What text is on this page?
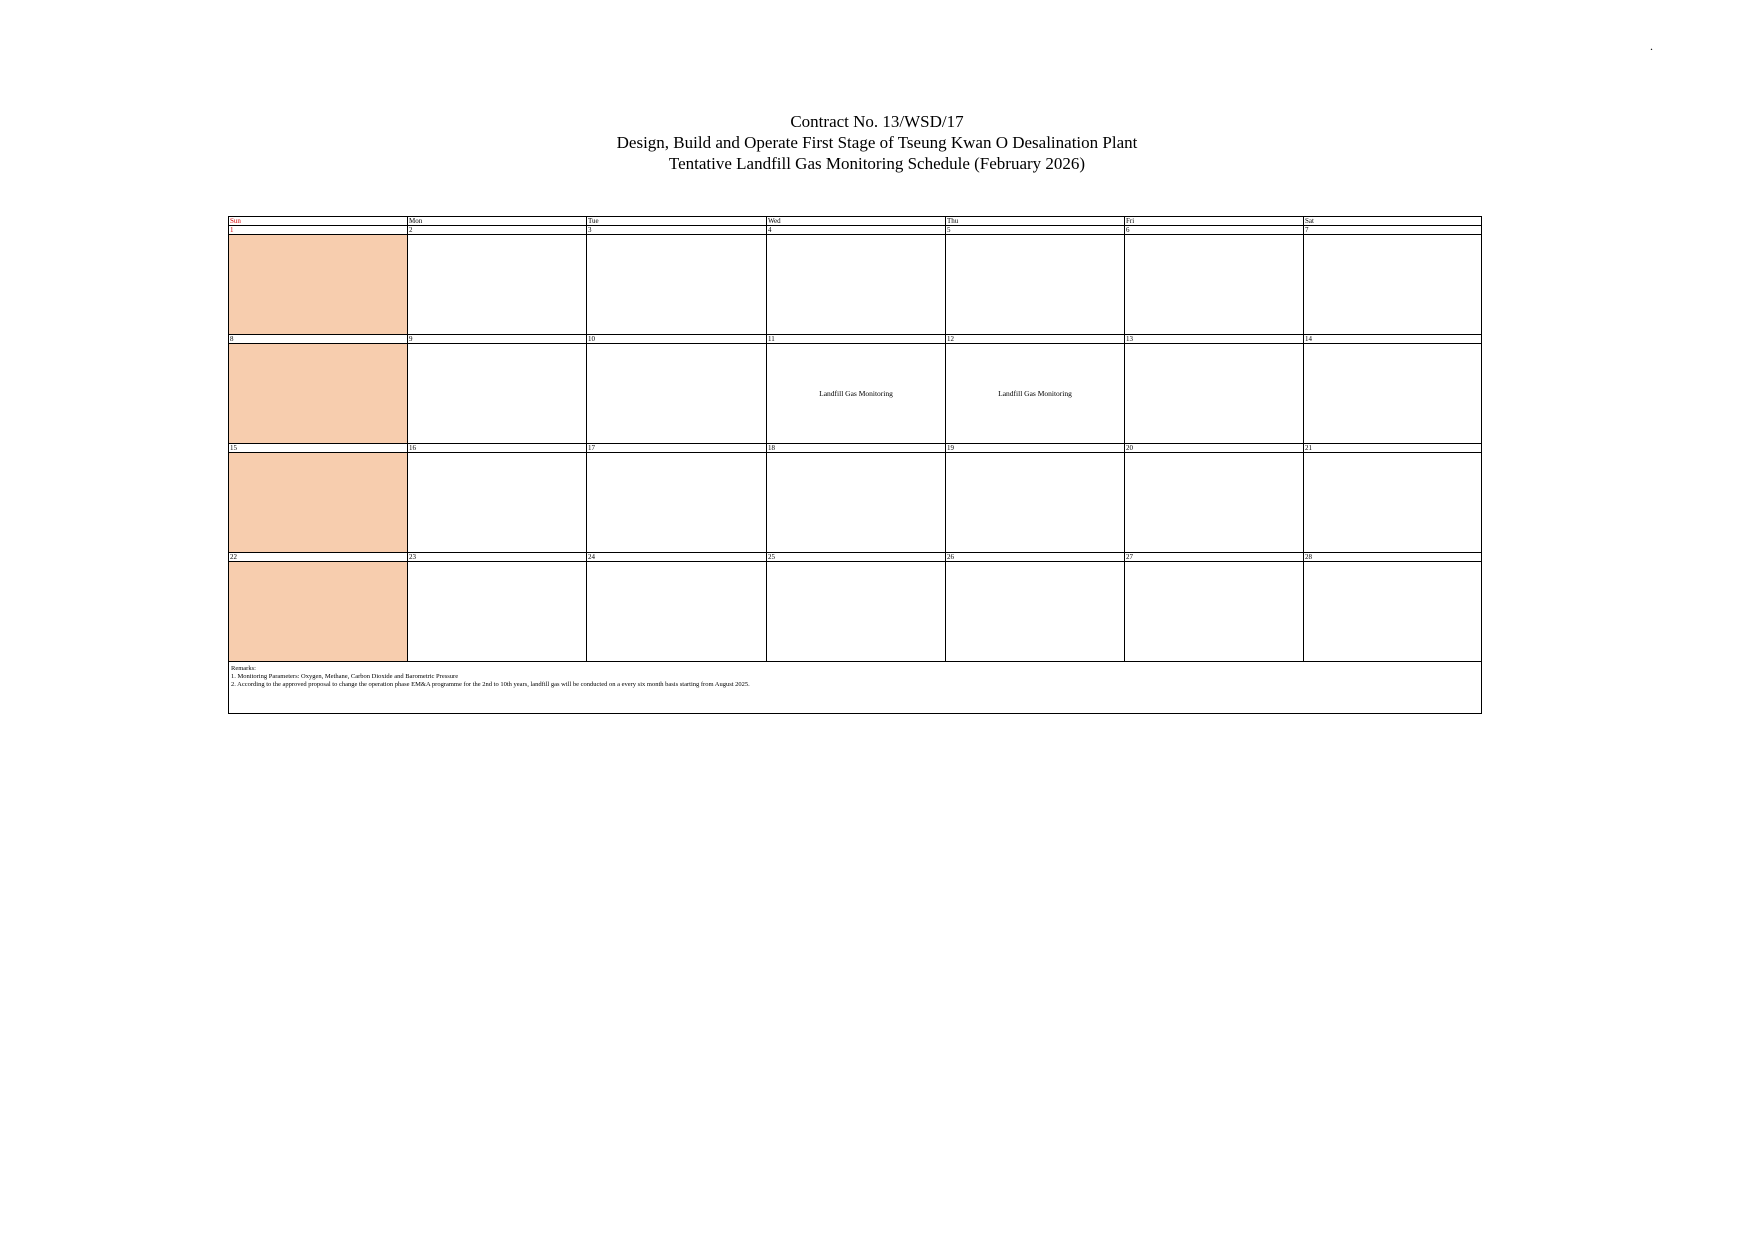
.
Contract No. 13/WSD/17
Design, Build and Operate First Stage of Tseung Kwan O Desalination Plant
Tentative Landfill Gas Monitoring Schedule (February 2026)
Sun	Mon	Tue	Wed	Thu	Fri	Sat
1	2	3	4	5	6	7

8	9	10	11	12	13	14
			Landfill Gas Monitoring	Landfill Gas Monitoring		
15	16	17	18	19	20	21

22	23	24	25	26	27	28

Remarks:
1. Monitoring Parameters: Oxygen, Methane, Carbon Dioxide and Barometric Pressure
2. According to the approved proposal to change the operation phase EM&A programme for the 2nd to 10th years, landfill gas will be conducted on a every six month basis starting from August 2025.						
